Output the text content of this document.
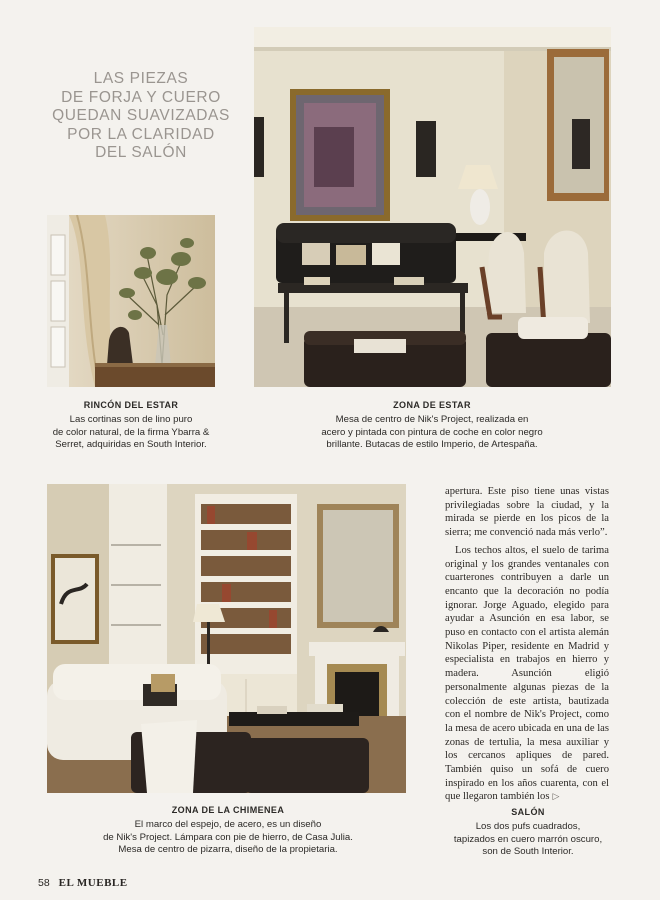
LAS PIEZAS
DE FORJA Y CUERO
QUEDAN SUAVIZADAS
POR LA CLARIDAD
DEL SALÓN
RINCÓN DEL ESTAR
Las cortinas son de lino puro
de color natural, de la firma Ybarra &
Serret, adquiridas en South Interior.
ZONA DE ESTAR
Mesa de centro de Nik's Project, realizada en
acero y pintada con pintura de coche en color negro
brillante. Butacas de estilo Imperio, de Artespaña.

apertura. Este piso tiene unas vistas privilegiadas sobre la ciudad, y la mirada se pierde en los picos de la sierra; me convenció nada más verlo”.

Los techos altos, el suelo de tarima original y los grandes ventanales con cuarterones contribuyen a darle un encanto que la decoración no podía ignorar. Jorge Aguado, elegido para ayudar a Asunción en esa labor, se puso en contacto con el artista alemán Nikolas Piper, residente en Madrid y especialista en trabajos en hierro y madera. Asunción eligió personalmente algunas piezas de la colección de este artista, bautizada con el nombre de Nik's Project, como la mesa de acero ubicada en una de las zonas de tertulia, la mesa auxiliar y los cercanos apliques de pared. También quiso un sofá de cuero inspirado en los años cuarenta, con el que llegaron también los ▷

ZONA DE LA CHIMENEA
El marco del espejo, de acero, es un diseño
de Nik's Project. Lámpara con pie de hierro, de Casa Julia.
Mesa de centro de pizarra, diseño de la propietaria.
SALÓN
Los dos pufs cuadrados,
tapizados en cuero marrón oscuro,
son de South Interior.
58 EL MUEBLE
